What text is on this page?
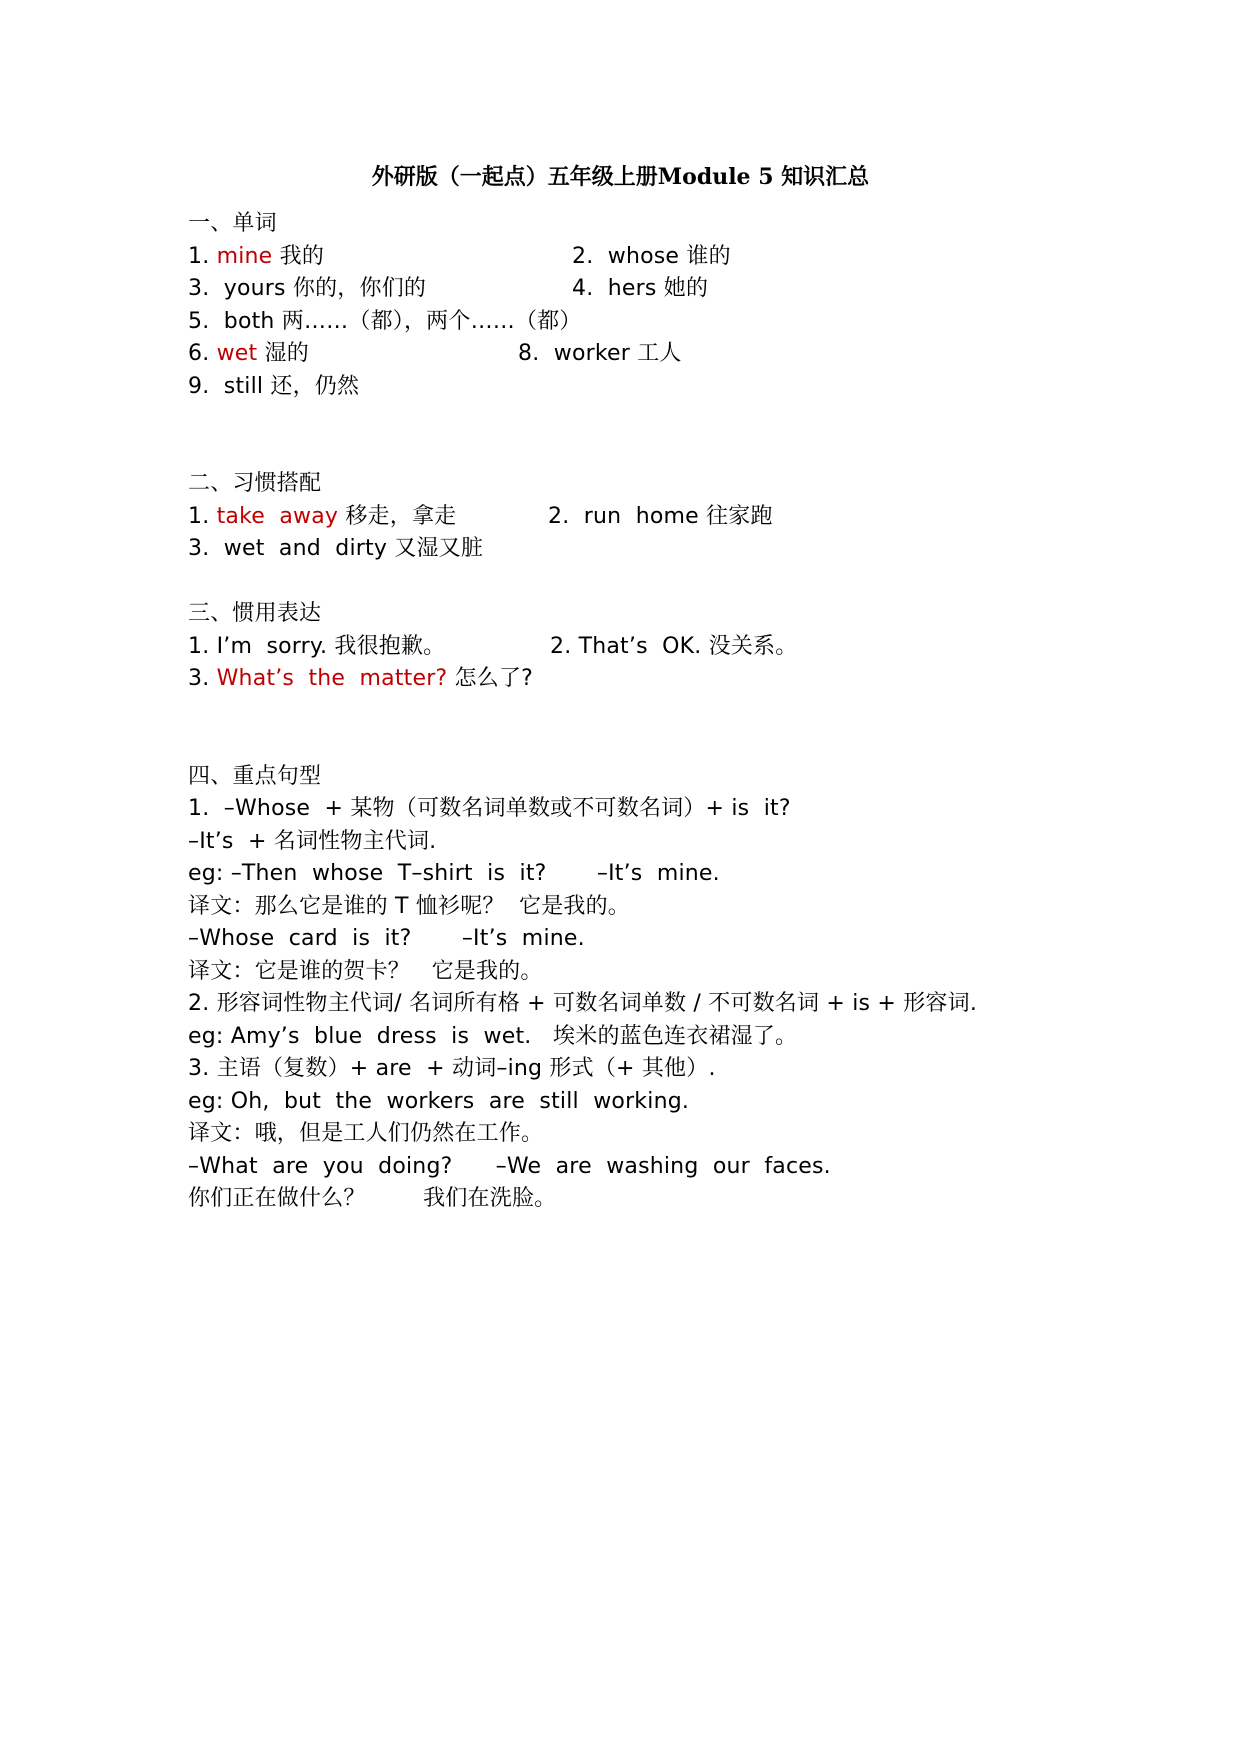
外研版（一起点）五年级上册Module 5 知识汇总
一、单词
1. mine 我的	2.  whose 谁的
3.  yours 你的，你们的	4.  hers 她的
5.  both 两……（都），两个……（都）
6. wet 湿的	8.  worker 工人
9.  still 还，仍然
二、习惯搭配
1. take  away 移走，拿走	2.  run  home 往家跑
3.  wet  and  dirty 又湿又脏
三、惯用表达
1. I’m  sorry. 我很抱歉。	2. That’s  OK. 没关系。
3. What’s  the  matter? 怎么了?
四、重点句型
1.  –Whose  + 某物（可数名词单数或不可数名词）+ is  it?
–It’s  + 名词性物主代词.
eg: –Then  whose  T–shirt  is  it?       –It’s  mine.
译文：那么它是谁的 T 恤衫呢？  它是我的。
–Whose  card  is  it?       –It’s  mine.
译文：它是谁的贺卡？   它是我的。
2. 形容词性物主代词/ 名词所有格 + 可数名词单数 / 不可数名词 + is + 形容词.
eg: Amy’s  blue  dress  is  wet.   埃米的蓝色连衣裙湿了。
3. 主语（复数）+ are  + 动词–ing 形式（+ 其他）.
eg: Oh,  but  the  workers  are  still  working.
译文：哦，但是工人们仍然在工作。
–What  are  you  doing?      –We  are  washing  our  faces.
你们正在做什么？        我们在洗脸。
